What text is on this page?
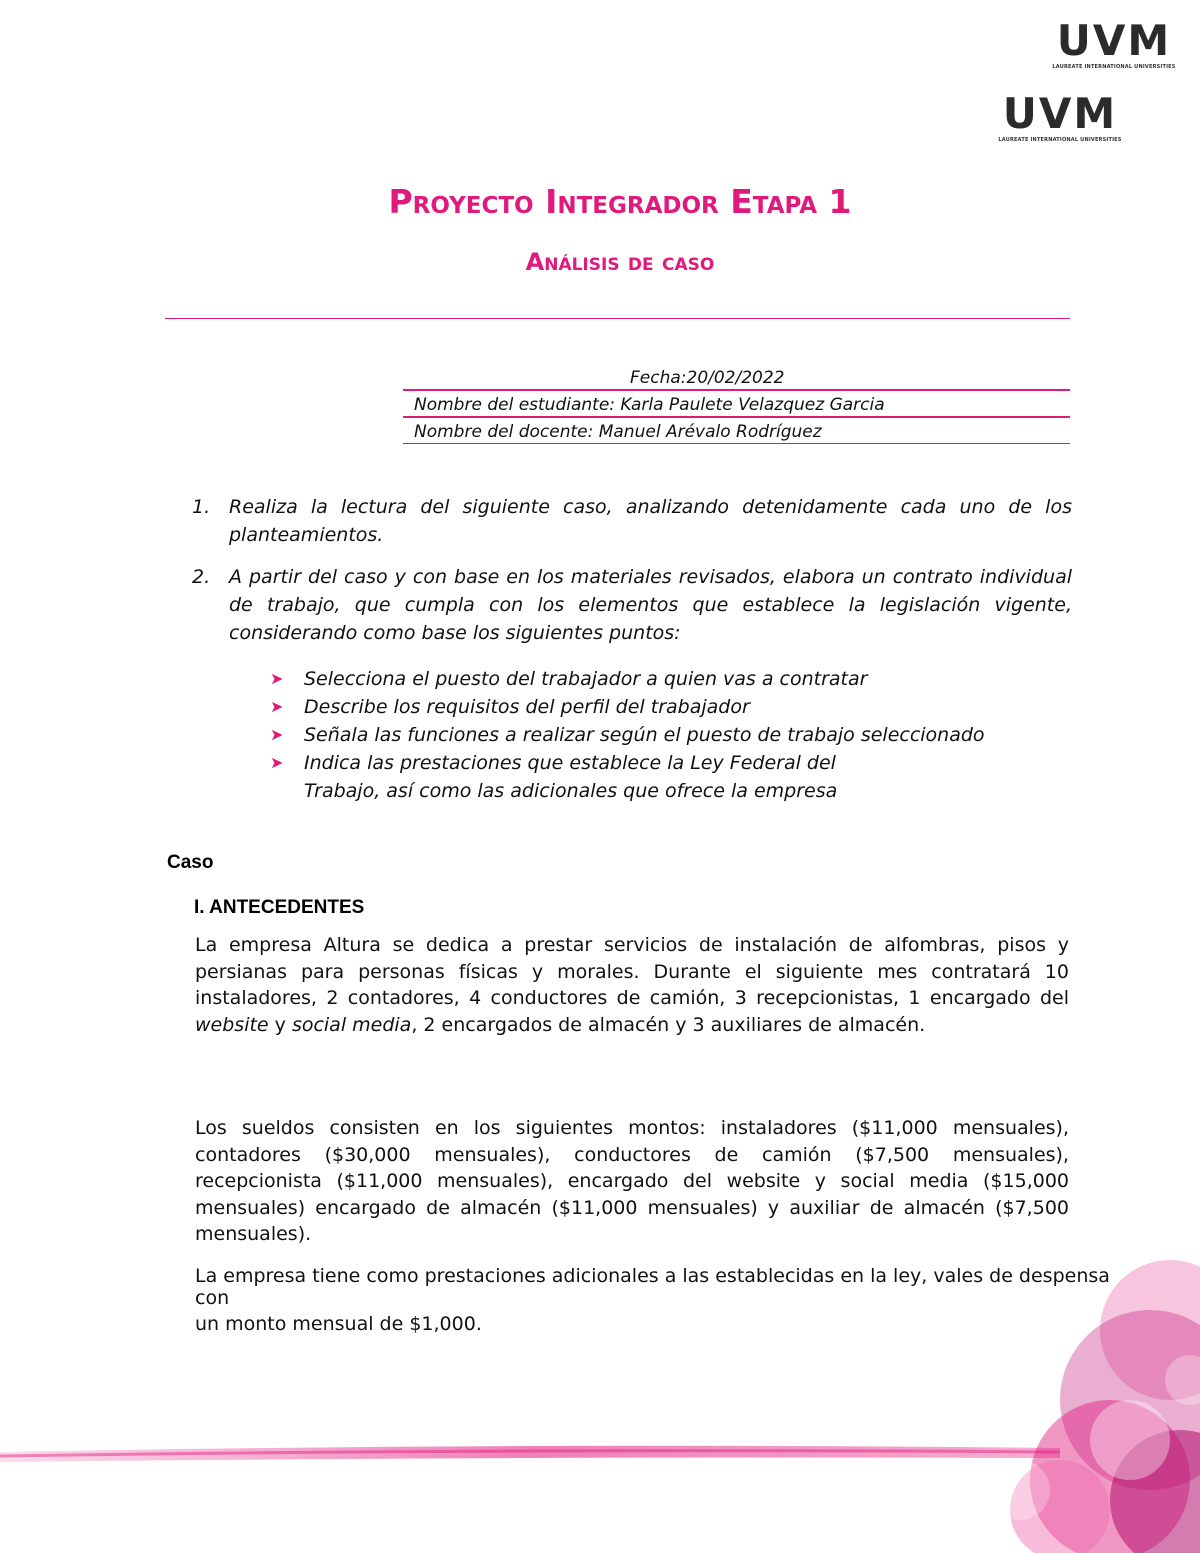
UVM
LAUREATE INTERNATIONAL UNIVERSITIES
UVM
LAUREATE INTERNATIONAL UNIVERSITIES
Proyecto Integrador Etapa 1
Análisis de caso
Fecha:20/02/2022
Nombre del estudiante: Karla Paulete Velazquez Garcia
Nombre del docente: Manuel Arévalo Rodríguez
1. Realiza la lectura del siguiente caso, analizando detenidamente cada uno de los planteamientos.
2. A partir del caso y con base en los materiales revisados, elabora un contrato individual de trabajo, que cumpla con los elementos que establece la legislación vigente, considerando como base los siguientes puntos:
➤ Selecciona el puesto del trabajador a quien vas a contratar
➤ Describe los requisitos del perfil del trabajador
➤ Señala las funciones a realizar según el puesto de trabajo seleccionado
➤ Indica las prestaciones que establece la Ley Federal del
Trabajo, así como las adicionales que ofrece la empresa
Caso
I. ANTECEDENTES
La empresa Altura se dedica a prestar servicios de instalación de alfombras, pisos y persianas para personas físicas y morales. Durante el siguiente mes contratará 10 instaladores, 2 contadores, 4 conductores de camión, 3 recepcionistas, 1 encargado del website y social media, 2 encargados de almacén y 3 auxiliares de almacén.
Los sueldos consisten en los siguientes montos: instaladores ($11,000 mensuales), contadores ($30,000 mensuales), conductores de camión ($7,500 mensuales), recepcionista ($11,000 mensuales), encargado del website y social media ($15,000 mensuales) encargado de almacén ($11,000 mensuales) y auxiliar de almacén ($7,500 mensuales).
La empresa tiene como prestaciones adicionales a las establecidas en la ley, vales de despensa con
un monto mensual de $1,000.
